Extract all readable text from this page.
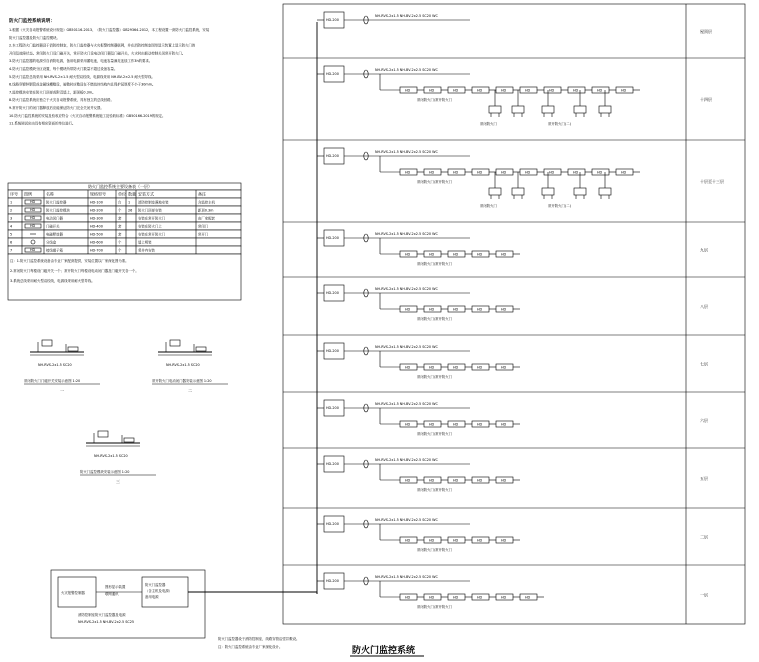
防火门监控系统说明：
1.根据《火灾自动报警系统设计规范》GB50116-2013、《防火门监控器》GB29364-2012，本工程设置一套防火门监控系统，安装
防火门监控器及防火门监控模块。
2.本工程防火门监控器设于消防控制室，防火门监控器与火灾报警控制器联网，并在消防控制室图形显示装置上显示防火门的
开闭及故障状态。常闭防火门设门磁开关，常开防火门设电动闭门器及门磁开关，火灾时由联动控制关闭常开防火门。
3.防火门监控器的电源引自消防电源，备用电源采用蓄电池，电池容量满足连续工作3h的要求。
4.防火门监控模块分区设置，每个模块所带防火门数量不超过设备容量。
5.防火门监控总线采用 NH-RVS-2×1.5 耐火型双绞线，电源线采用 NH-BV-2×2.5 耐火型导线。
6.线路穿镀锌钢管或金属线槽敷设，暗敷时应敷设在不燃烧体结构内且保护层厚度不小于30mm。
7.监控模块安装在防火门顶部或附近墙上，距顶板0.3m。
8.防火门监控系统应独立于火灾自动报警系统，具有独立的总线回路。
9.常开防火门的闭门器释放后应能保证防火门完全关闭并反馈。
10.防火门监控系统的安装及验收应符合《火灾自动报警系统施工及验收标准》GB50166-2019的规定。
11.系统调试应由具有相应资质的单位进行。
防火门监控系统主要设备表（一层）
序号 图例	名称	规格型号	单位 数量 安装方式	备注
1	HD	防火门监控器	HD-100	台 1 消防控制室落地安装	含监控主机
2	HD	防火门监控模块	HD-200	个 26 防火门顶部安装	距顶0.3m
3	HD	电动闭门器	HD-300	套	安装在常开防火门	由厂家配套
4	HD	门磁开关	HD-400	套	安装在防火门上	常闭门
5	电磁释放器	HD-500	套	安装在常开防火门	常开门
6	分线盒	HD-600	个	墙上明装
7	HD	接线端子箱	HD-700	个	竖井内安装
注：1.防火门监控系统设备由专业厂家配套提供，安装位置以厂家深化图为准。
2.常闭防火门每樘设门磁开关一个；常开防火门每樘设电动闭门器及门磁开关各一个。
3.系统总线采用耐火型双绞线，电源线采用耐火型导线。
NH-RVS-2x1.5 SC20
常闭防火门门磁开关安装示意图 1:20
一
NH-RVS-2x1.5 SC20
常开防火门电动闭门器安装示意图 1:20
二
NH-RVS-2x1.5 SC20
防火门监控模块安装示意图 1:20
三
屋顶层
HD-200
NH-RVS-2x1.5 NH-BV-2x2.5 SC20 WC
十四层
HD-200
NH-RVS-2x1.5 NH-BV-2x2.5 SC20 WC
HD	HD	HD	HD	HD	HD	HD	HD	HD	HD
常闭防火门/常开防火门
常闭防火门	常开防火门(二)
十层至十三层
HD-200
NH-RVS-2x1.5 NH-BV-2x2.5 SC20 WC
HD	HD	HD	HD	HD	HD	HD	HD	HD	HD
常闭防火门/常开防火门
常闭防火门	常开防火门(二)
九层
HD-200
NH-RVS-2x1.5 NH-BV-2x2.5 SC20 WC
HD	HD	HD	HD	HD
常闭防火门/常开防火门
八层
HD-200
NH-RVS-2x1.5 NH-BV-2x2.5 SC20 WC
HD	HD	HD	HD	HD
常闭防火门/常开防火门
七层
HD-200
NH-RVS-2x1.5 NH-BV-2x2.5 SC20 WC
HD	HD	HD	HD	HD
常闭防火门/常开防火门
六层
HD-200
NH-RVS-2x1.5 NH-BV-2x2.5 SC20 WC
HD	HD	HD	HD	HD
常闭防火门/常开防火门
五层
HD-200
NH-RVS-2x1.5 NH-BV-2x2.5 SC20 WC
HD	HD	HD	HD	HD
常闭防火门/常开防火门
二层
HD-200
NH-RVS-2x1.5 NH-BV-2x2.5 SC20 WC
HD	HD	HD	HD	HD
常闭防火门/常开防火门
一层
HD-200
NH-RVS-2x1.5 NH-BV-2x2.5 SC20 WC
HD	HD	HD	HD	HD	HD
常闭防火门/常开防火门
火灾报警控制器
图形显示装置
联网通讯
防火门监控器
（含主机及电源）
备用电源
消防控制室防火门监控器及电源
NH-RVS-2x1.5 NH-BV-2x2.5 SC25
防火门监控器设于消防控制室，线路穿管沿竖井敷设。
注：防火门监控系统由专业厂家深化设计。	防火门监控系统
